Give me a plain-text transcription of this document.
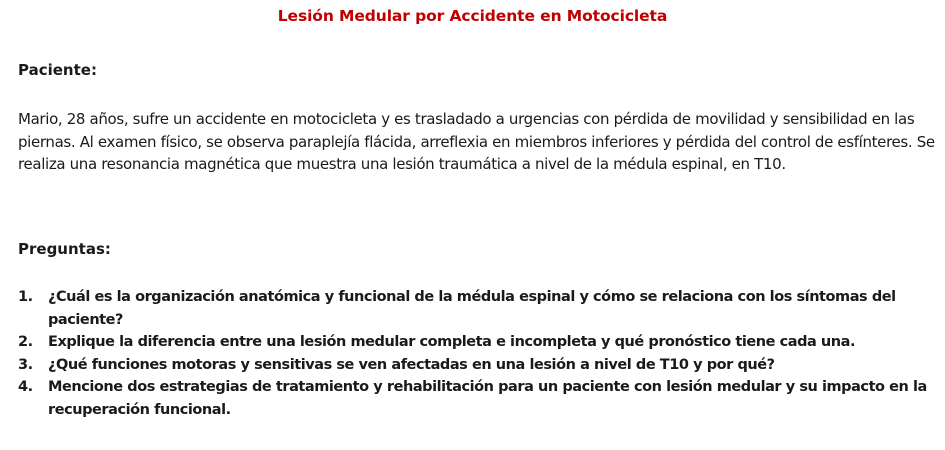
Lesión Medular por Accidente en Motocicleta
Paciente:
Mario, 28 años, sufre un accidente en motocicleta y es trasladado a urgencias con pérdida de movilidad y sensibilidad en las piernas. Al examen físico, se observa paraplejía flácida, arreflexia en miembros inferiores y pérdida del control de esfínteres. Se realiza una resonancia magnética que muestra una lesión traumática a nivel de la médula espinal, en T10.
Preguntas:
1. ¿Cuál es la organización anatómica y funcional de la médula espinal y cómo se relaciona con los síntomas del paciente?
2. Explique la diferencia entre una lesión medular completa e incompleta y qué pronóstico tiene cada una.
3. ¿Qué funciones motoras y sensitivas se ven afectadas en una lesión a nivel de T10 y por qué?
4. Mencione dos estrategias de tratamiento y rehabilitación para un paciente con lesión medular y su impacto en la recuperación funcional.
